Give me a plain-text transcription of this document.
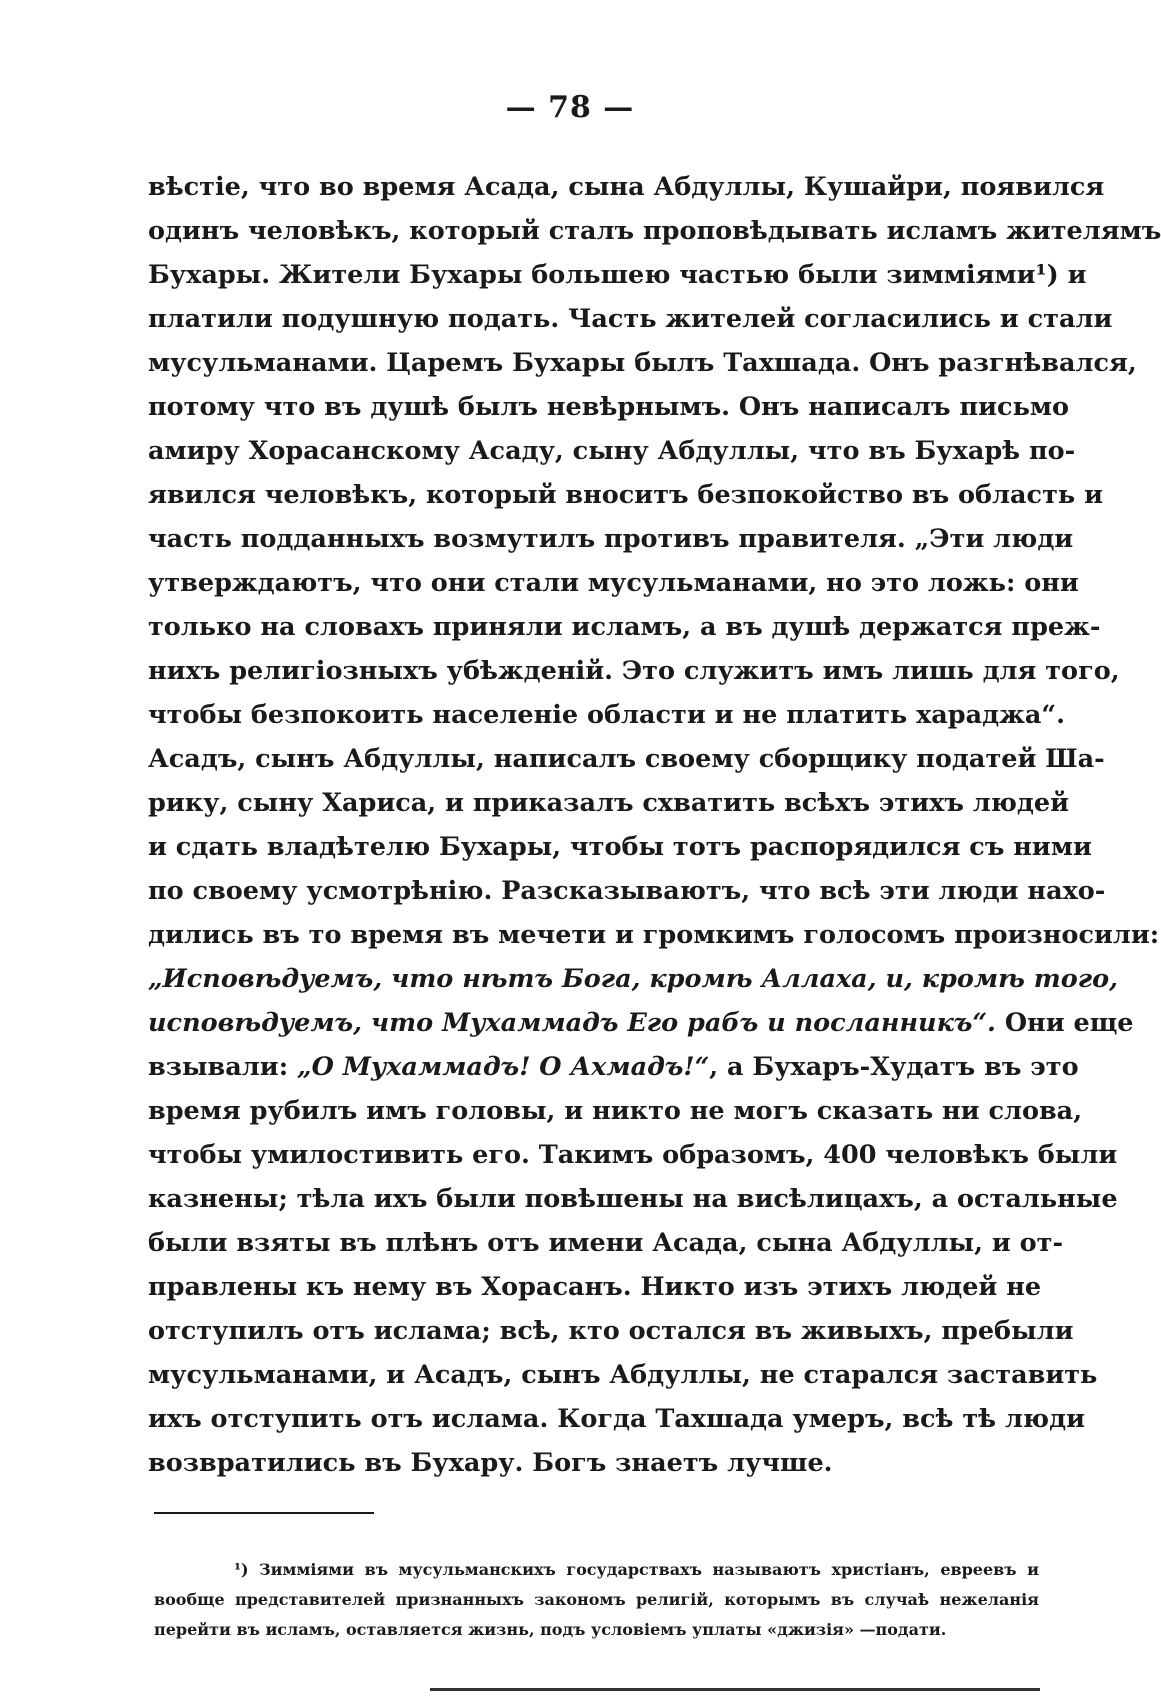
— 78 —
вѣстіе, что во время Асада, сына Абдуллы, Кушайри, появился
одинъ человѣкъ, который сталъ проповѣдывать исламъ жителямъ
Бухары. Жители Бухары большею частью были зимміями¹) и
платили подушную подать. Часть жителей согласились и стали
мусульманами. Царемъ Бухары былъ Тахшада. Онъ разгнѣвался,
потому что въ душѣ былъ невѣрнымъ. Онъ написалъ письмо
амиру Хорасанскому Асаду, сыну Абдуллы, что въ Бухарѣ по-
явился человѣкъ, который вноситъ безпокойство въ область и
часть подданныхъ возмутилъ противъ правителя. „Эти люди
утверждаютъ, что они стали мусульманами, но это ложь: они
только на словахъ приняли исламъ, а въ душѣ держатся преж-
нихъ религіозныхъ убѣжденій. Это служитъ имъ лишь для того,
чтобы безпокоить населеніе области и не платить хараджа“.
Асадъ, сынъ Абдуллы, написалъ своему сборщику податей Ша-
рику, сыну Хариса, и приказалъ схватить всѣхъ этихъ людей
и сдать владѣтелю Бухары, чтобы тотъ распорядился съ ними
по своему усмотрѣнію. Разсказываютъ, что всѣ эти люди нахо-
дились въ то время въ мечети и громкимъ голосомъ произносили:
„Исповѣдуемъ, что нѣтъ Бога, кромѣ Аллаха, и, кромѣ того,
исповѣдуемъ, что Мухаммадъ Его рабъ и посланникъ“. Они еще
взывали: „О Мухаммадъ! О Ахмадъ!“, а Бухаръ-Худатъ въ это
время рубилъ имъ головы, и никто не могъ сказать ни слова,
чтобы умилостивить его. Такимъ образомъ, 400 человѣкъ были
казнены; тѣла ихъ были повѣшены на висѣлицахъ, а остальные
были взяты въ плѣнъ отъ имени Асада, сына Абдуллы, и от-
правлены къ нему въ Хорасанъ. Никто изъ этихъ людей не
отступилъ отъ ислама; всѣ, кто остался въ живыхъ, пребыли
мусульманами, и Асадъ, сынъ Абдуллы, не старался заставить
ихъ отступить отъ ислама. Когда Тахшада умеръ, всѣ тѣ люди
возвратились въ Бухару. Богъ знаетъ лучше.
¹) Зимміями въ мусульманскихъ государствахъ называютъ христіанъ, евреевъ и
вообще представителей признанныхъ закономъ религій, которымъ въ случаѣ нежеланія
перейти въ исламъ, оставляется жизнь, подъ условіемъ уплаты «джизія» —подати.
